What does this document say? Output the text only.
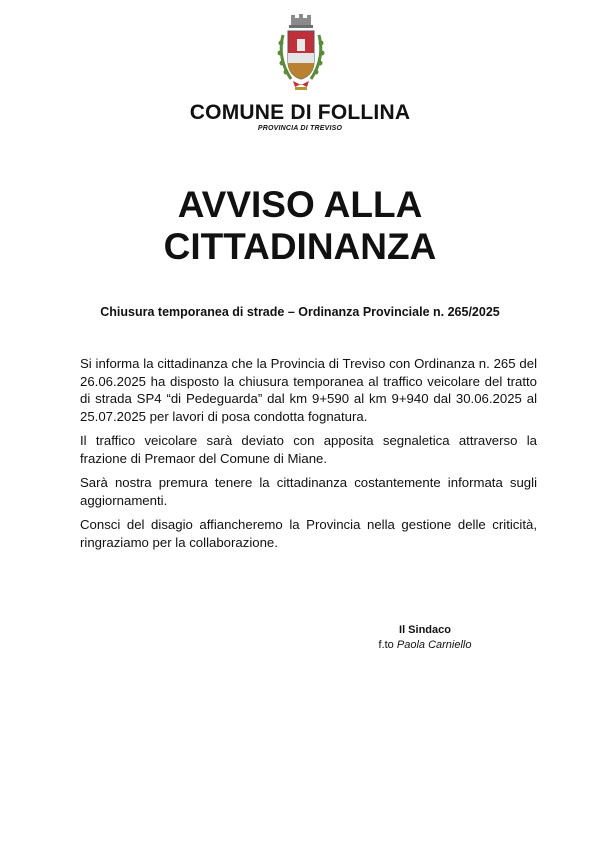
COMUNE DI FOLLINA
PROVINCIA DI TREVISO
AVVISO ALLA
CITTADINANZA
Chiusura temporanea di strade – Ordinanza Provinciale n. 265/2025

Si informa la cittadinanza che la Provincia di Treviso con Ordinanza n. 265 del 26.06.2025 ha disposto la chiusura temporanea al traffico veicolare del tratto di strada SP4 “di Pedeguarda” dal km 9+590 al km 9+940 dal 30.06.2025 al 25.07.2025 per lavori di posa condotta fognatura.

Il traffico veicolare sarà deviato con apposita segnaletica attraverso la frazione di Premaor del Comune di Miane.

Sarà nostra premura tenere la cittadinanza costantemente informata sugli aggiornamenti.

Consci del disagio affiancheremo la Provincia nella gestione delle criticità, ringraziamo per la collaborazione.

Il Sindaco
f.to Paola Carniello
